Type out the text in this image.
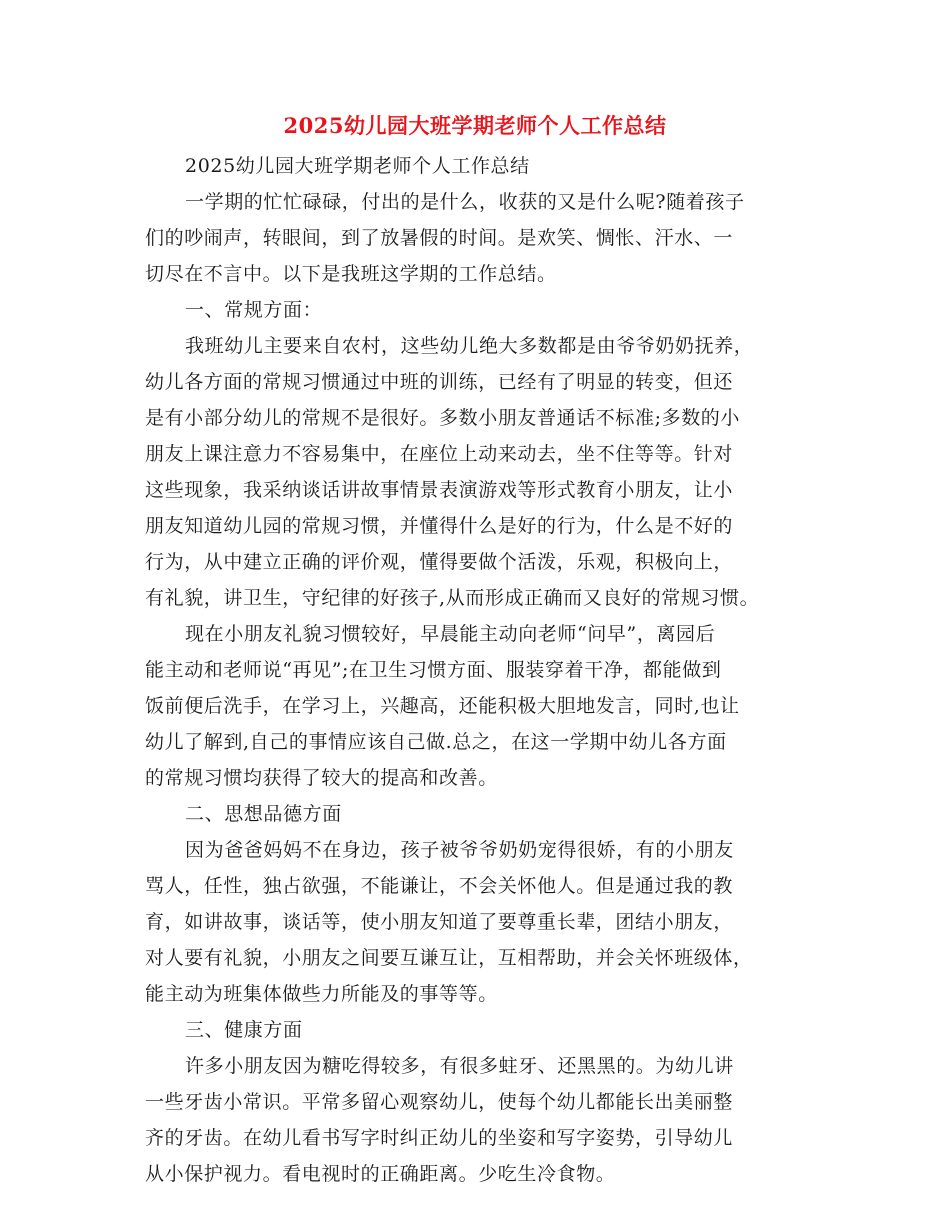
2025幼儿园大班学期老师个人工作总结
2025幼儿园大班学期老师个人工作总结
一学期的忙忙碌碌，付出的是什么，收获的又是什么呢?随着孩子
们的吵闹声，转眼间，到了放暑假的时间。是欢笑、惆怅、汗水、一
切尽在不言中。以下是我班这学期的工作总结。
一、常规方面：
我班幼儿主要来自农村，这些幼儿绝大多数都是由爷爷奶奶抚养，
幼儿各方面的常规习惯通过中班的训练，已经有了明显的转变，但还
是有小部分幼儿的常规不是很好。多数小朋友普通话不标准;多数的小
朋友上课注意力不容易集中，在座位上动来动去，坐不住等等。针对
这些现象，我采纳谈话讲故事情景表演游戏等形式教育小朋友，让小
朋友知道幼儿园的常规习惯，并懂得什么是好的行为，什么是不好的
行为，从中建立正确的评价观，懂得要做个活泼，乐观，积极向上，
有礼貌，讲卫生，守纪律的好孩子,从而形成正确而又良好的常规习惯。
现在小朋友礼貌习惯较好，早晨能主动向老师“问早”，离园后
能主动和老师说“再见”;在卫生习惯方面、服装穿着干净，都能做到
饭前便后洗手，在学习上，兴趣高，还能积极大胆地发言，同时,也让
幼儿了解到,自己的事情应该自己做.总之，在这一学期中幼儿各方面
的常规习惯均获得了较大的提高和改善。
二、思想品德方面
因为爸爸妈妈不在身边，孩子被爷爷奶奶宠得很娇，有的小朋友
骂人，任性，独占欲强，不能谦让，不会关怀他人。但是通过我的教
育，如讲故事，谈话等，使小朋友知道了要尊重长辈，团结小朋友，
对人要有礼貌，小朋友之间要互谦互让，互相帮助，并会关怀班级体，
能主动为班集体做些力所能及的事等等。
三、健康方面
许多小朋友因为糖吃得较多，有很多蛀牙、还黑黑的。为幼儿讲
一些牙齿小常识。平常多留心观察幼儿，使每个幼儿都能长出美丽整
齐的牙齿。在幼儿看书写字时纠正幼儿的坐姿和写字姿势，引导幼儿
从小保护视力。看电视时的正确距离。少吃生冷食物。
